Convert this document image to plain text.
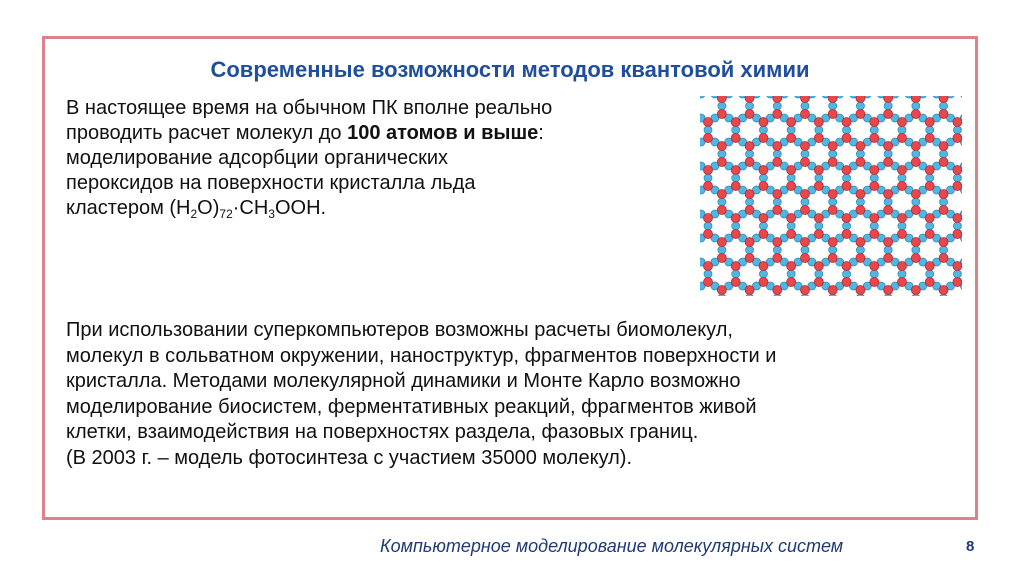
Современные возможности методов квантовой химии
В настоящее время на обычном ПК вполне реально
проводить расчет молекул до 100 атомов и выше:
моделирование адсорбции органических
пероксидов на поверхности кристалла льда
кластером $(H_2O)_{72}\cdot CH_3OOH$.
При использовании суперкомпьютеров возможны расчеты биомолекул,
молекул в сольватном окружении, наноструктур, фрагментов поверхности и
кристалла. Методами молекулярной динамики и Монте Карло возможно
моделирование биосистем, ферментативных реакций, фрагментов живой
клетки, взаимодействия на поверхностях раздела, фазовых границ.
(В 2003 г. – модель фотосинтеза с участием 35000 молекул).
Компьютерное моделирование молекулярных систем	8
